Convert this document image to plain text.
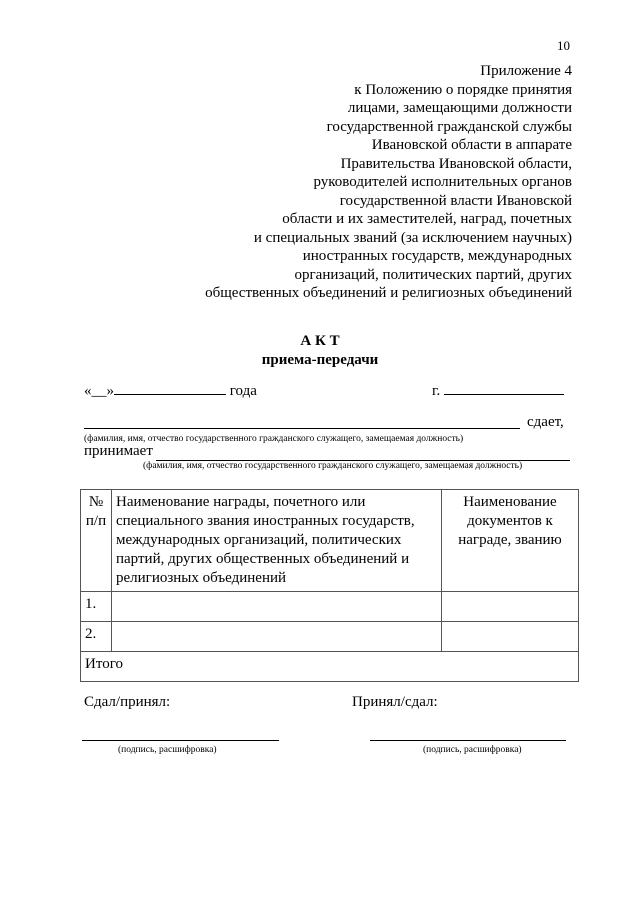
10
Приложение 4
к Положению о порядке принятия
лицами, замещающими должности
государственной гражданской службы
Ивановской области в аппарате
Правительства Ивановской области,
руководителей исполнительных органов
государственной власти Ивановской
области и их заместителей, наград, почетных
и специальных званий (за исключением научных)
иностранных государств, международных
организаций, политических партий, других
общественных объединений и религиозных объединений
А К Т
приема-передачи
«__»	года	г.
сдает,
(фамилия, имя, отчество государственного гражданского служащего, замещаемая должность)
принимает
(фамилия, имя, отчество государственного гражданского служащего, замещаемая должность)
№ п/п	Наименование награды, почетного или специального звания иностранных государств, международных организаций, политических партий, других общественных объединений и религиозных объединений	Наименование документов к награде, званию
1.		
2.		
Итого		
Сдал/принял:	Принял/сдал:
(подпись, расшифровка)	(подпись, расшифровка)
